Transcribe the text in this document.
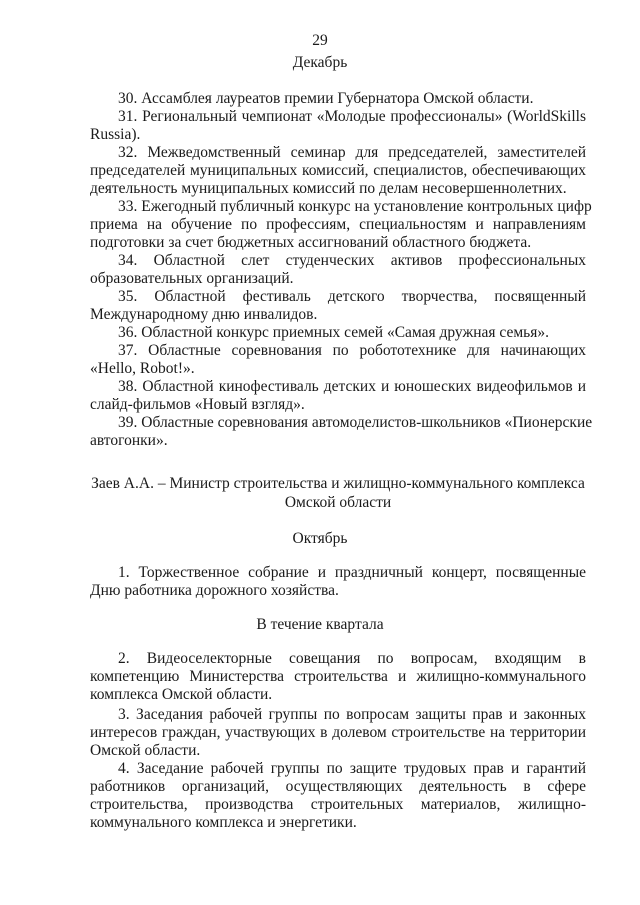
29
Декабрь
30. Ассамблея лауреатов премии Губернатора Омской области.
31. Региональный чемпионат «Молодые профессионалы» (WorldSkills
Russia).
32. Межведомственный семинар для председателей, заместителей
председателей муниципальных комиссий, специалистов, обеспечивающих
деятельность муниципальных комиссий по делам несовершеннолетних.
33. Ежегодный публичный конкурс на установление контрольных цифр
приема на обучение по профессиям, специальностям и направлениям
подготовки за счет бюджетных ассигнований областного бюджета.
34. Областной слет студенческих активов профессиональных
образовательных организаций.
35. Областной фестиваль детского творчества, посвященный
Международному дню инвалидов.
36. Областной конкурс приемных семей «Самая дружная семья».
37. Областные соревнования по робототехнике для начинающих
«Hello, Robot!».
38. Областной кинофестиваль детских и юношеских видеофильмов и
слайд-фильмов «Новый взгляд».
39. Областные соревнования автомоделистов-школьников «Пионерские
автогонки».
Заев А.А. – Министр строительства и жилищно-коммунального комплекса
Омской области
Октябрь
1. Торжественное собрание и праздничный концерт, посвященные
Дню работника дорожного хозяйства.
В течение квартала
2. Видеоселекторные совещания по вопросам, входящим в
компетенцию Министерства строительства и жилищно-коммунального
комплекса Омской области.
3. Заседания рабочей группы по вопросам защиты прав и законных
интересов граждан, участвующих в долевом строительстве на территории
Омской области.
4. Заседание рабочей группы по защите трудовых прав и гарантий
работников организаций, осуществляющих деятельность в сфере
строительства, производства строительных материалов, жилищно-
коммунального комплекса и энергетики.
